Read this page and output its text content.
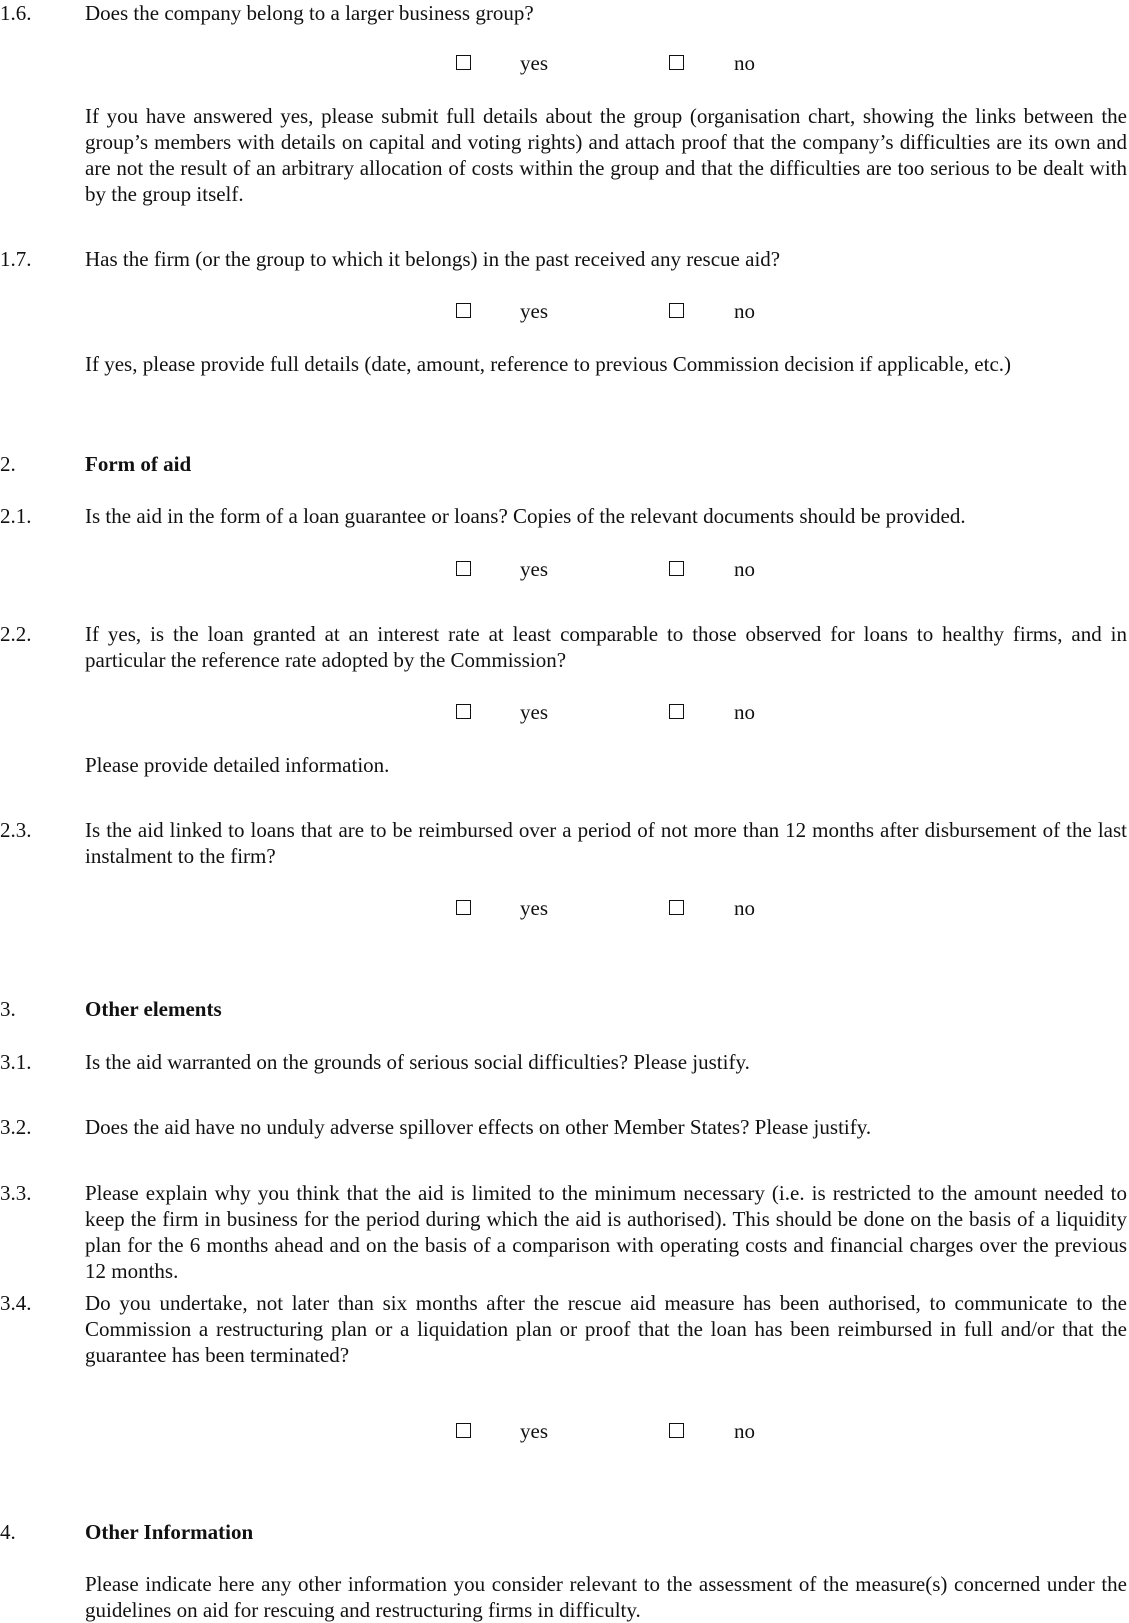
1.6.	Does the company belong to a larger business group?
yes	no
If you have answered yes, please submit full details about the group (organisation chart, showing the links between the group’s members with details on capital and voting rights) and attach proof that the company’s difficulties are its own and are not the result of an arbitrary allocation of costs within the group and that the difficulties are too serious to be dealt with by the group itself.
1.7.	Has the firm (or the group to which it belongs) in the past received any rescue aid?
yes	no
If yes, please provide full details (date, amount, reference to previous Commission decision if applicable, etc.)
2.	Form of aid
2.1.	Is the aid in the form of a loan guarantee or loans? Copies of the relevant documents should be provided.
yes	no
2.2.	If yes, is the loan granted at an interest rate at least comparable to those observed for loans to healthy firms, and in particular the reference rate adopted by the Commission?
yes	no
Please provide detailed information.
2.3.	Is the aid linked to loans that are to be reimbursed over a period of not more than 12 months after disbursement of the last instalment to the firm?
yes	no
3.	Other elements
3.1.	Is the aid warranted on the grounds of serious social difficulties? Please justify.
3.2.	Does the aid have no unduly adverse spillover effects on other Member States? Please justify.
3.3.	Please explain why you think that the aid is limited to the minimum necessary (i.e. is restricted to the amount needed to keep the firm in business for the period during which the aid is authorised). This should be done on the basis of a liquidity plan for the 6 months ahead and on the basis of a comparison with operating costs and financial charges over the previous 12 months.
3.4.	Do you undertake, not later than six months after the rescue aid measure has been authorised, to communicate to the Commission a restructuring plan or a liquidation plan or proof that the loan has been reimbursed in full and/or that the guarantee has been terminated?
yes	no
4.	Other Information
Please indicate here any other information you consider relevant to the assessment of the measure(s) concerned under the guidelines on aid for rescuing and restructuring firms in difficulty.
